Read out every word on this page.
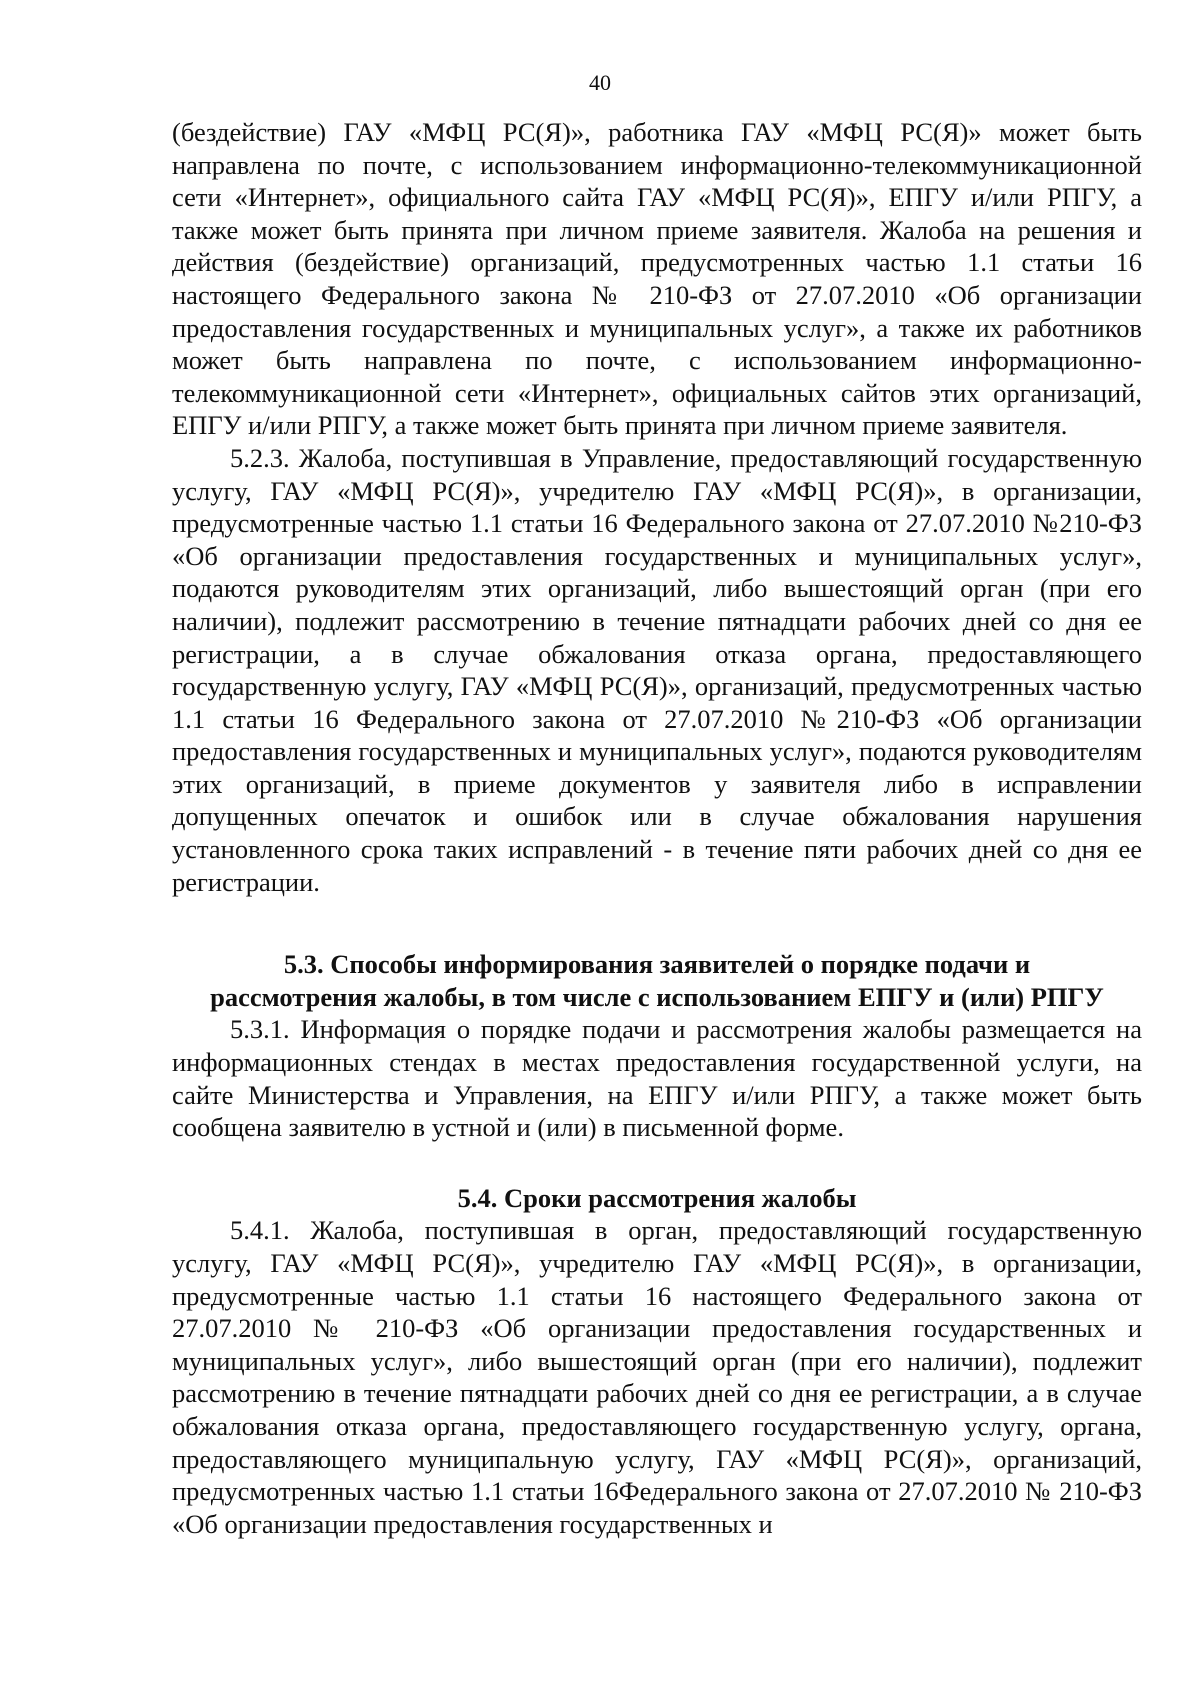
40

(бездействие) ГАУ «МФЦ РС(Я)», работника ГАУ «МФЦ РС(Я)» может быть направлена по почте, с использованием информационно-телекоммуникационной сети «Интернет», официального сайта ГАУ «МФЦ РС(Я)», ЕПГУ и/или РПГУ, а также может быть принята при личном приеме заявителя. Жалоба на решения и действия (бездействие) организаций, предусмотренных частью 1.1 статьи 16 настоящего Федерального закона № 210-ФЗ от 27.07.2010 «Об организации предоставления государственных и муниципальных услуг», а также их работников может быть направлена по почте, с использованием информационно-телекоммуникационной сети «Интернет», официальных сайтов этих организаций, ЕПГУ и/или РПГУ, а также может быть принята при личном приеме заявителя.

5.2.3. Жалоба, поступившая в Управление, предоставляющий государственную услугу, ГАУ «МФЦ РС(Я)», учредителю ГАУ «МФЦ РС(Я)», в организации, предусмотренные частью 1.1 статьи 16 Федерального закона от 27.07.2010 №210-ФЗ «Об организации предоставления государственных и муниципальных услуг», подаются руководителям этих организаций, либо вышестоящий орган (при его наличии), подлежит рассмотрению в течение пятнадцати рабочих дней со дня ее регистрации, а в случае обжалования отказа органа, предоставляющего государственную услугу, ГАУ «МФЦ РС(Я)», организаций, предусмотренных частью 1.1 статьи 16 Федерального закона от 27.07.2010 №210-ФЗ «Об организации предоставления государственных и муниципальных услуг», подаются руководителям этих организаций, в приеме документов у заявителя либо в исправлении допущенных опечаток и ошибок или в случае обжалования нарушения установленного срока таких исправлений - в течение пяти рабочих дней со дня ее регистрации.

5.3. Способы информирования заявителей о порядке подачи и
рассмотрения жалобы, в том числе с использованием ЕПГУ и (или) РПГУ

5.3.1. Информация о порядке подачи и рассмотрения жалобы размещается на информационных стендах в местах предоставления государственной услуги, на сайте Министерства и Управления, на ЕПГУ и/или РПГУ, а также может быть сообщена заявителю в устной и (или) в письменной форме.

5.4. Сроки рассмотрения жалобы

5.4.1. Жалоба, поступившая в орган, предоставляющий государственную услугу, ГАУ «МФЦ РС(Я)», учредителю ГАУ «МФЦ РС(Я)», в организации, предусмотренные частью 1.1 статьи 16 настоящего Федерального закона от 27.07.2010 № 210-ФЗ «Об организации предоставления государственных и муниципальных услуг», либо вышестоящий орган (при его наличии), подлежит рассмотрению в течение пятнадцати рабочих дней со дня ее регистрации, а в случае обжалования отказа органа, предоставляющего государственную услугу, органа, предоставляющего муниципальную услугу, ГАУ «МФЦ РС(Я)», организаций, предусмотренных частью 1.1 статьи 16Федерального закона от 27.07.2010 № 210-ФЗ «Об организации предоставления государственных и
